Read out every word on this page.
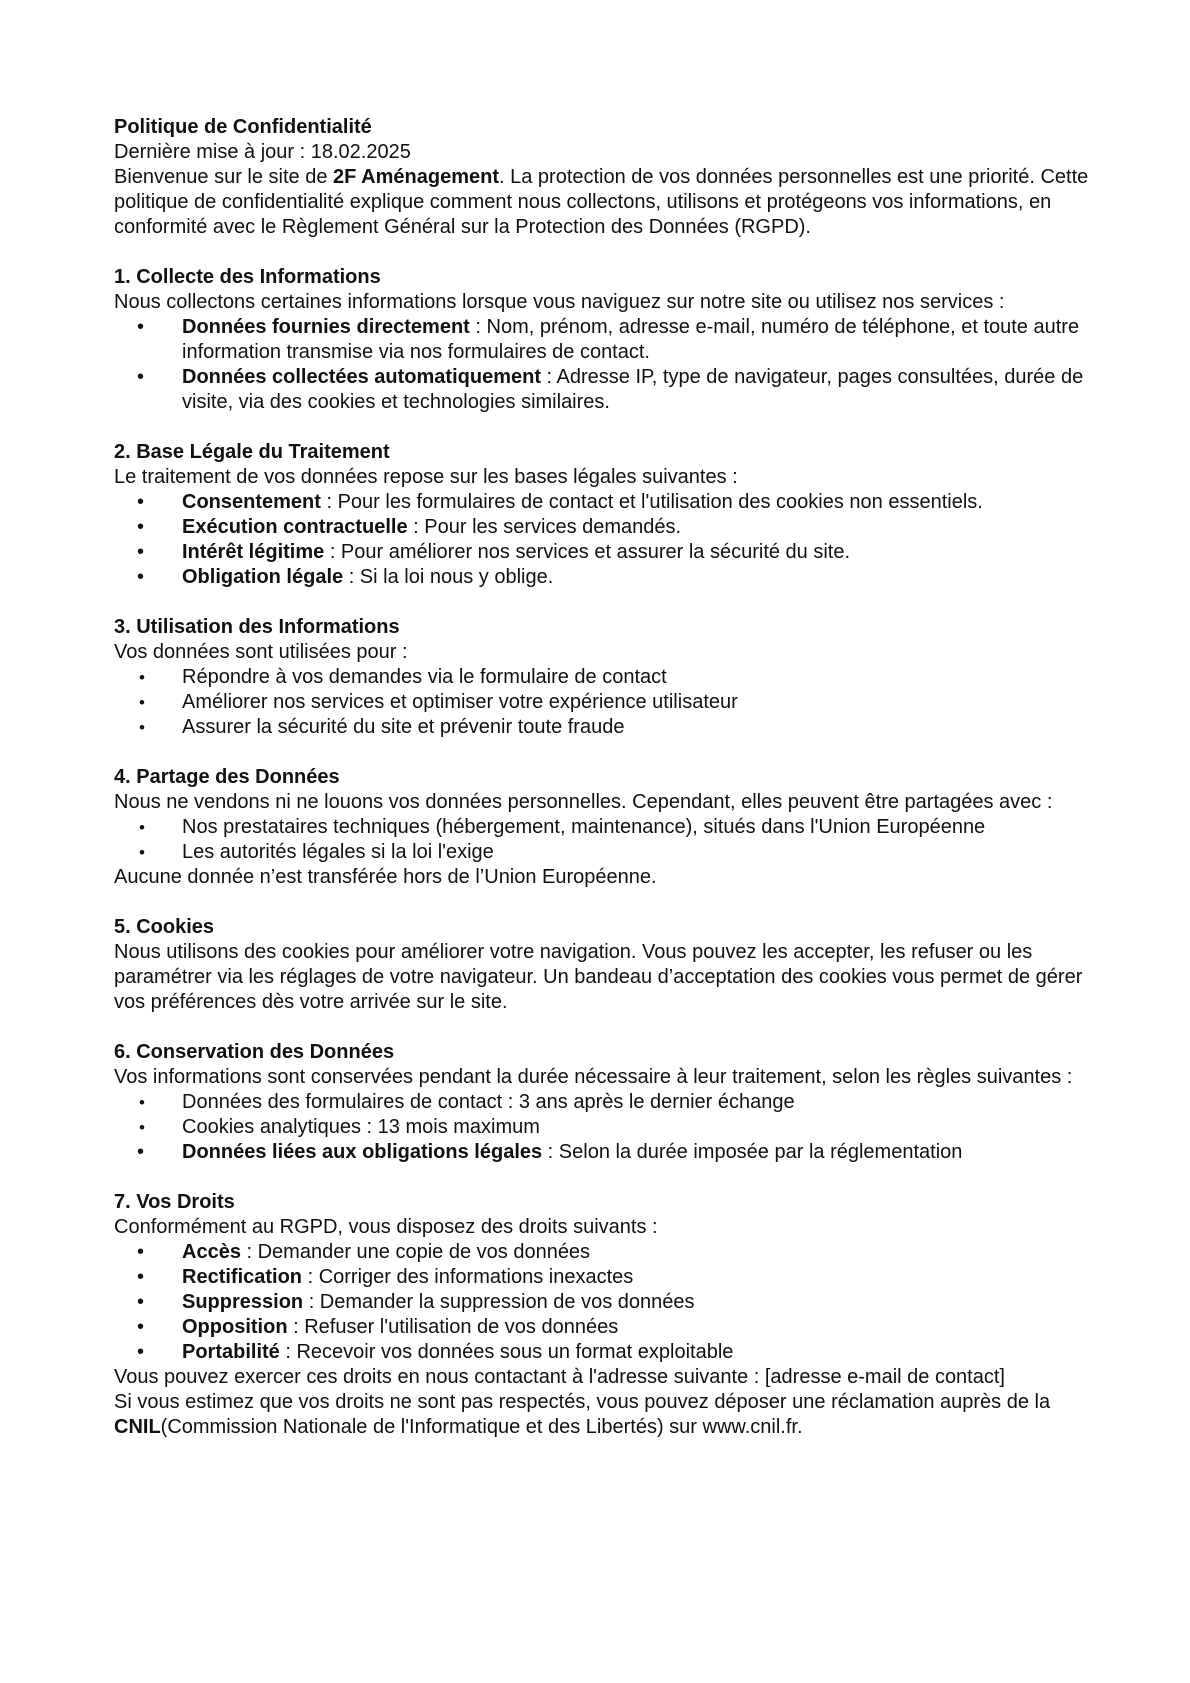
Politique de Confidentialité

Dernière mise à jour : 18.02.2025

Bienvenue sur le site de 2F Aménagement. La protection de vos données personnelles est une priorité. Cette politique de confidentialité explique comment nous collectons, utilisons et protégeons vos informations, en conformité avec le Règlement Général sur la Protection des Données (RGPD).

1. Collecte des Informations

Nous collectons certaines informations lorsque vous naviguez sur notre site ou utilisez nos services :

• Données fournies directement : Nom, prénom, adresse e-mail, numéro de téléphone, et toute autre information transmise via nos formulaires de contact.
• Données collectées automatiquement : Adresse IP, type de navigateur, pages consultées, durée de visite, via des cookies et technologies similaires.

2. Base Légale du Traitement

Le traitement de vos données repose sur les bases légales suivantes :

• Consentement : Pour les formulaires de contact et l'utilisation des cookies non essentiels.
• Exécution contractuelle : Pour les services demandés.
• Intérêt légitime : Pour améliorer nos services et assurer la sécurité du site.
• Obligation légale : Si la loi nous y oblige.

3. Utilisation des Informations

Vos données sont utilisées pour :

• Répondre à vos demandes via le formulaire de contact
• Améliorer nos services et optimiser votre expérience utilisateur
• Assurer la sécurité du site et prévenir toute fraude

4. Partage des Données

Nous ne vendons ni ne louons vos données personnelles. Cependant, elles peuvent être partagées avec :

• Nos prestataires techniques (hébergement, maintenance), situés dans l'Union Européenne
• Les autorités légales si la loi l'exige

Aucune donnée n’est transférée hors de l’Union Européenne.

5. Cookies

Nous utilisons des cookies pour améliorer votre navigation. Vous pouvez les accepter, les refuser ou les paramétrer via les réglages de votre navigateur. Un bandeau d’acceptation des cookies vous permet de gérer vos préférences dès votre arrivée sur le site.

6. Conservation des Données

Vos informations sont conservées pendant la durée nécessaire à leur traitement, selon les règles suivantes :

• Données des formulaires de contact : 3 ans après le dernier échange
• Cookies analytiques : 13 mois maximum
• Données liées aux obligations légales : Selon la durée imposée par la réglementation

7. Vos Droits

Conformément au RGPD, vous disposez des droits suivants :

• Accès : Demander une copie de vos données
• Rectification : Corriger des informations inexactes
• Suppression : Demander la suppression de vos données
• Opposition : Refuser l'utilisation de vos données
• Portabilité : Recevoir vos données sous un format exploitable

Vous pouvez exercer ces droits en nous contactant à l'adresse suivante : [adresse e-mail de contact]

Si vous estimez que vos droits ne sont pas respectés, vous pouvez déposer une réclamation auprès de la CNIL(Commission Nationale de l'Informatique et des Libertés) sur www.cnil.fr.
